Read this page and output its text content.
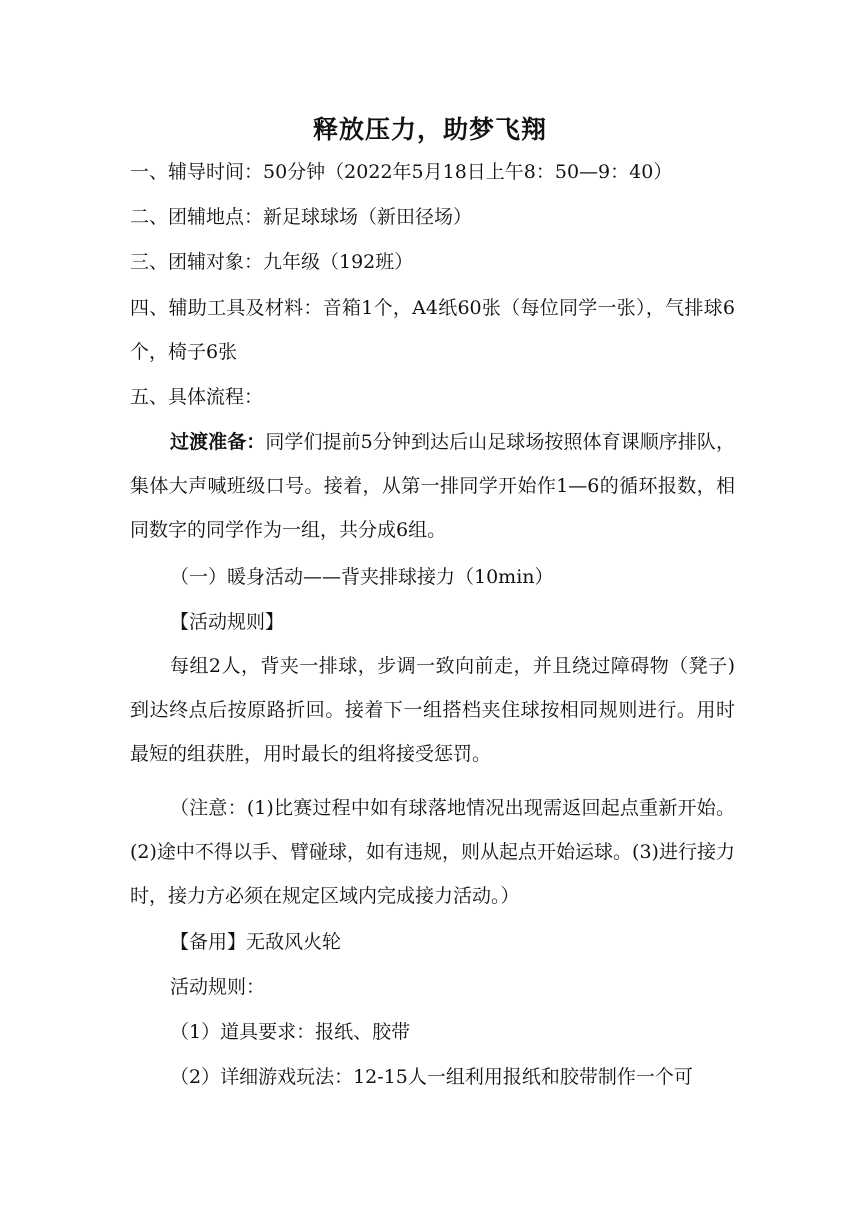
释放压力，助梦飞翔
一、辅导时间：50分钟（2022年5月18日上午8：50—9：40）
二、团辅地点：新足球球场（新田径场）
三、团辅对象：九年级（192班）
四、辅助工具及材料：音箱1个，A4纸60张（每位同学一张），气排球6个，椅子6张
五、具体流程：
过渡准备：同学们提前5分钟到达后山足球场按照体育课顺序排队，集体大声喊班级口号。接着，从第一排同学开始作1—6的循环报数，相同数字的同学作为一组，共分成6组。
（一）暖身活动——背夹排球接力（10min）
【活动规则】
每组2人，背夹一排球，步调一致向前走，并且绕过障碍物（凳子)到达终点后按原路折回。接着下一组搭档夹住球按相同规则进行。用时最短的组获胜，用时最长的组将接受惩罚。
（注意：(1)比赛过程中如有球落地情况出现需返回起点重新开始。(2)途中不得以手、臂碰球，如有违规，则从起点开始运球。(3)进行接力时，接力方必须在规定区域内完成接力活动。）
【备用】无敌风火轮
活动规则：
（1）道具要求：报纸、胶带
（2）详细游戏玩法：12-15人一组利用报纸和胶带制作一个可
